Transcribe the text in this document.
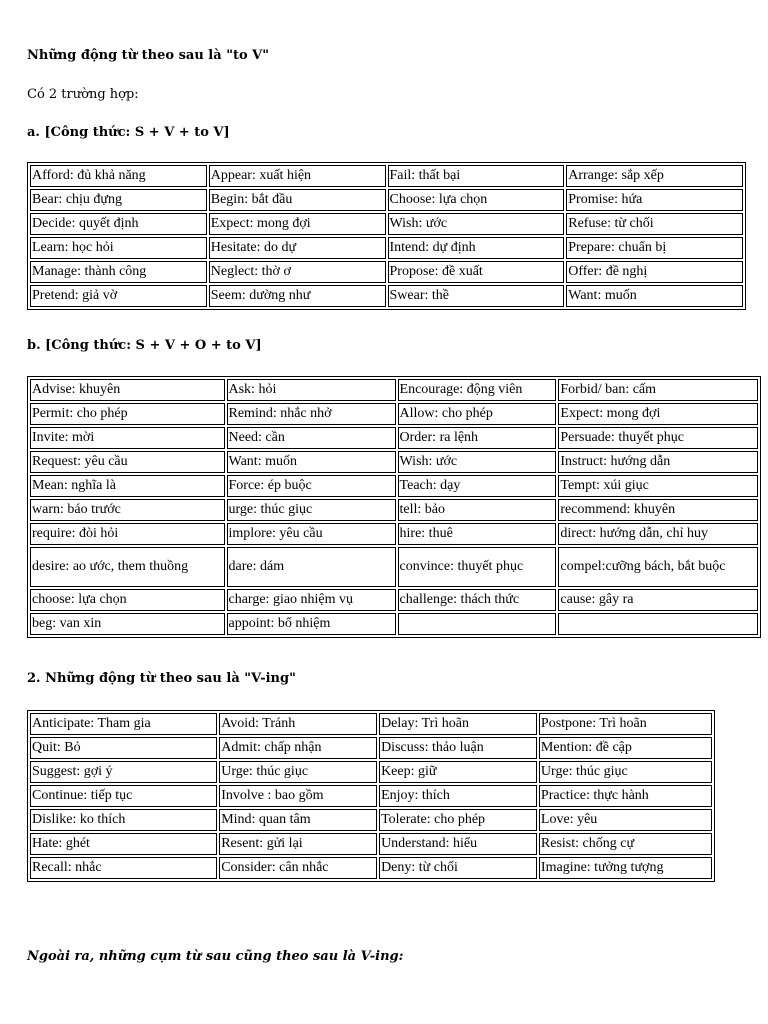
Những động từ theo sau là "to V"

Có 2 trường hợp:

a. [Công thức: S + V + to V]

Afford: đủ khả năng	Appear: xuất hiện	Fail: thất bại	Arrange: sắp xếp
Bear: chịu đựng	Begin: bắt đầu	Choose: lựa chọn	Promise: hứa
Decide: quyết định	Expect: mong đợi	Wish: ước	Refuse: từ chối
Learn: học hỏi	Hesitate: do dự	Intend: dự định	Prepare: chuẩn bị
Manage: thành công	Neglect: thờ ơ	Propose: đề xuất	Offer: đề nghị
Pretend: giả vờ	Seem: dường như	Swear: thề	Want: muốn

b. [Công thức: S + V + O + to V]

Advise: khuyên	Ask: hỏi	Encourage: động viên	Forbid/ ban: cấm
Permit: cho phép	Remind: nhắc nhở	Allow: cho phép	Expect: mong đợi
Invite: mời	Need: cần	Order: ra lệnh	Persuade: thuyết phục
Request: yêu cầu	Want: muốn	Wish: ước	Instruct: hướng dẫn
Mean: nghĩa là	Force: ép buộc	Teach: dạy	Tempt: xúi giục
warn: báo trước	urge: thúc giục	tell: bảo	recommend: khuyên
require: đòi hỏi	implore: yêu cầu	hire: thuê	direct: hướng dẫn, chỉ huy
desire: ao ước, them thuồng	dare: dám	convince: thuyết phục	compel:cưỡng bách, bắt buộc
choose: lựa chọn	charge: giao nhiệm vụ	challenge: thách thức	cause: gây ra
beg: van xin	appoint: bổ nhiệm		

2. Những động từ theo sau là "V-ing"

Anticipate: Tham gia	Avoid: Tránh	Delay: Trì hoãn	Postpone: Trì hoãn
Quit: Bỏ	Admit: chấp nhận	Discuss: thảo luận	Mention: đề cập
Suggest: gợi ý	Urge: thúc giục	Keep: giữ	Urge: thúc giục
Continue: tiếp tục	Involve : bao gồm	Enjoy: thích	Practice: thực hành
Dislike: ko thích	Mind: quan tâm	Tolerate: cho phép	Love: yêu
Hate: ghét	Resent: gửi lại	Understand: hiểu	Resist: chống cự
Recall: nhắc	Consider: cân nhắc	Deny: từ chối	Imagine: tưởng tượng

Ngoài ra, những cụm từ sau cũng theo sau là V-ing:
